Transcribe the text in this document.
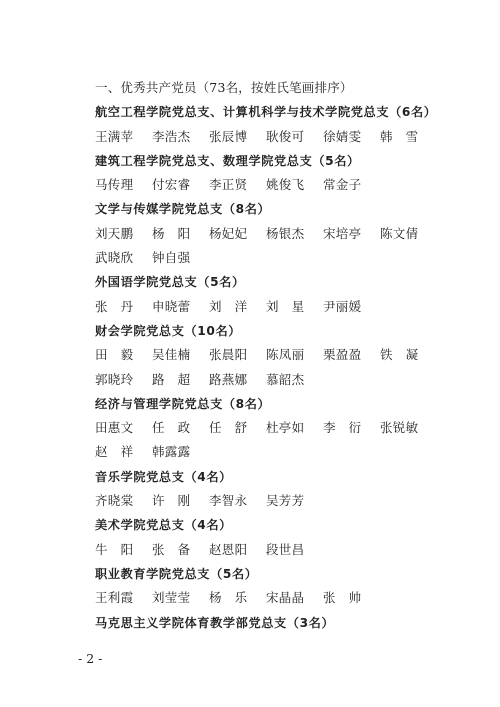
一、优秀共产党员（73名，按姓氏笔画排序）
航空工程学院党总支、计算机科学与技术学院党总支（6名）
王满苹	李浩杰	张辰博	耿俊可	徐婧雯	韩　雪
建筑工程学院党总支、数理学院党总支（5名）
马传理	付宏睿	李正贤	姚俊飞	常金子
文学与传媒学院党总支（8名）
刘天鹏	杨　阳	杨妃妃	杨银杰	宋培亭	陈文倩
武晓欣	钟自强
外国语学院党总支（5名）
张　丹	申晓蕾	刘　洋	刘　星	尹丽媛
财会学院党总支（10名）
田　毅	吴佳楠	张晨阳	陈凤丽	栗盈盈	铁　凝
郭晓玲	路　超	路燕娜	慕韶杰
经济与管理学院党总支（8名）
田惠文	任　政	任　舒	杜亭如	李　衍	张锐敏
赵　祥	韩露露
音乐学院党总支（4名）
齐晓棠	许　刚	李智永	吴芳芳
美术学院党总支（4名）
牛　阳	张　备	赵恩阳	段世昌
职业教育学院党总支（5名）
王利霞	刘莹莹	杨　乐	宋晶晶	张　帅
马克思主义学院体育教学部党总支（3名）
- 2 -
